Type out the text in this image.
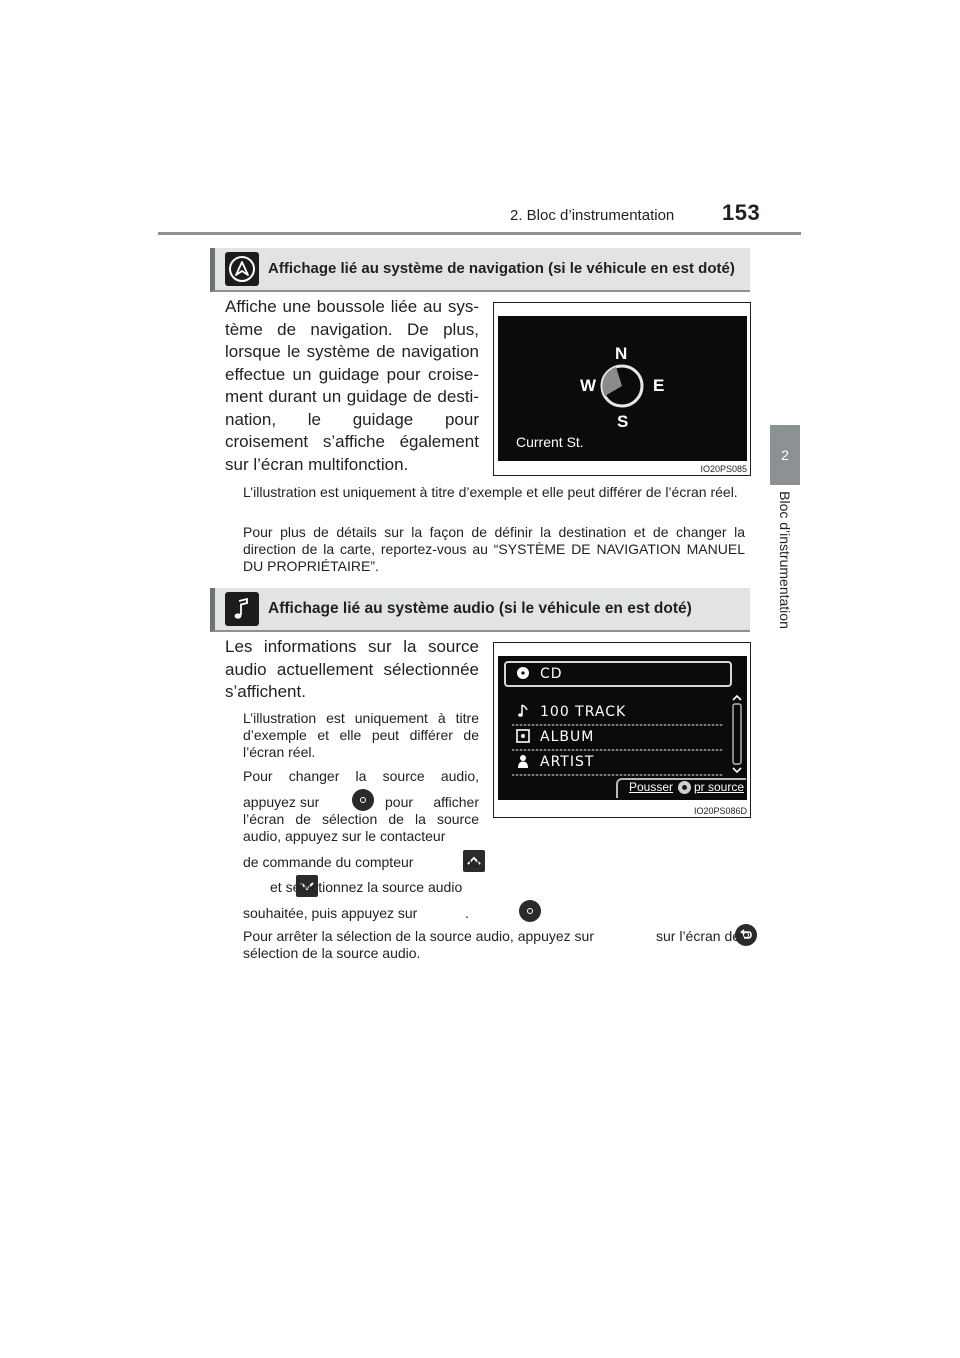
2. Bloc d’instrumentation 153
2
Bloc d’instrumentation
Affichage lié au système de navigation (si le véhicule en est doté)
Affiche une boussole liée au sys-tème de navigation. De plus, lorsque le système de navigation effectue un guidage pour croise-ment durant un guidage de desti-nation, le guidage pour croisement s’affiche également sur l’écran multifonction.
N
W	E
S
Current St.
IO20PS085
L’illustration est uniquement à titre d’exemple et elle peut différer de l’écran réel.
Pour plus de détails sur la façon de définir la destination et de changer la direction de la carte, reportez-vous au “SYSTÈME DE NAVIGATION MANUEL DU PROPRIÉTAIRE”.
Affichage lié au système audio (si le véhicule en est doté)
Les informations sur la source audio actuellement sélectionnée s’affichent.
CD
100 TRACK
ALBUM
ARTIST
Pousser pr source
IO20PS086D
L’illustration est uniquement à titre d’exemple et elle peut différer de l’écran réel.
Pour changer la source audio,
appuyez sur
	pour afficher
l’écran de sélection de la source audio, appuyez sur le contacteur
de commande du compteur
	ou

et sélectionnez la source audio
souhaitée, puis appuyez sur
	.
Pour arrêter la sélection de la source audio, appuyez sur	sur l’écran de
sélection de la source audio.
